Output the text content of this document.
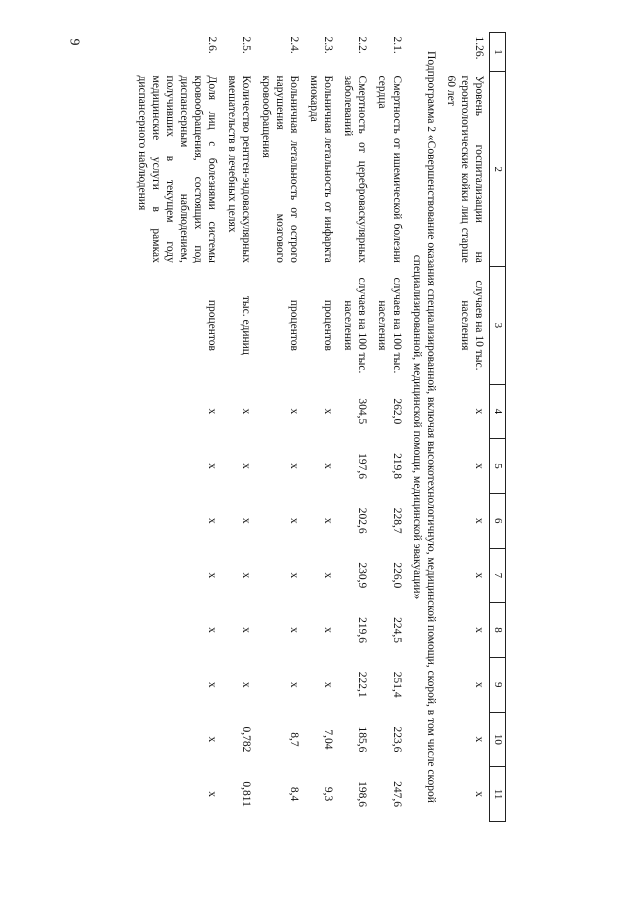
9
1	2	3	4	5	6	7	8	9	10	11
1.26.	Уровень госпитализации на геронтологические койки лиц старше 60 лет	случаев на 10 тыс. населения	x	x	x	x	x	x	x	x
Подпрограмма 2 «Совершенствование оказания специализированной, включая высокотехнологичную, медицинской помощи, скорой, в том числе скорой специализированной, медицинской помощи, медицинской эвакуации»										
2.1.	Смертность от ишемической болезни сердца	случаев на 100 тыс. населения	262,0	219,8	228,7	226,0	224,5	251,4	223,6	247,6
2.2.	Смертность от цереброваскулярных заболеваний	случаев на 100 тыс. населения	304,5	197,6	202,6	230,9	219,6	222,1	185,6	198,6
2.3.	Больничная летальность от инфаркта миокарда	процентов	x	x	x	x	x	x	7,04	9,3
2.4.	Больничная летальность от острого нарушения мозгового кровообращения	процентов	x	x	x	x	x	x	8,7	8,4
2.5.	Количество рентген-эндоваскулярных вмешательств в лечебных целях	тыс. единиц	x	x	x	x	x	x	0,782	0,811
2.6.	Доля лиц с болезнями системы кровообращения, состоящих под диспансерным наблюдением, получивших в текущем году медицинские услуги в рамках диспансерного наблюдения	процентов	x	x	x	x	x	x	x	x
